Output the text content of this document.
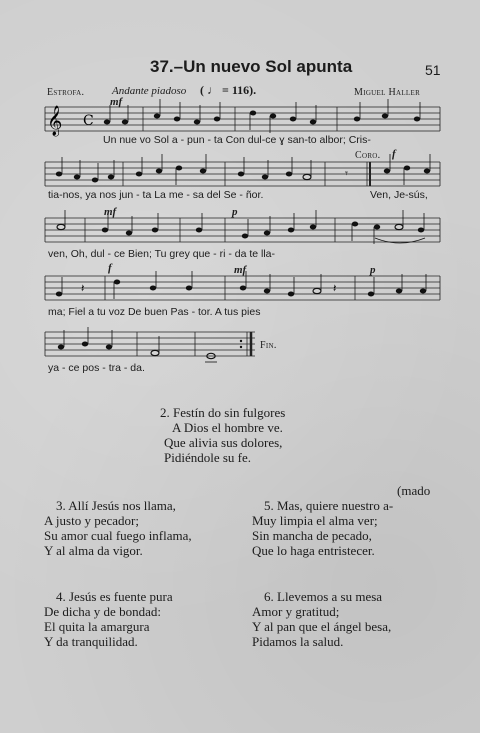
37.–Un nuevo Sol apunta	51
Estrofa.	Andante piadoso ( ♩ = 116).	Miguel Haller
mf
𝄞 C
Un nue vo Sol a - pun - ta Con dul-ce ɣ san-to albor; Cris-
Coro. f
𝄾
tia-nos, ya nos jun - ta La me - sa del Se - ñor.	Ven, Je-sús,
mf	p
ven, Oh, dul - ce Bien; Tu grey que - ri - da te lla-
f	mf	p
𝄽	𝄽
ma; Fiel a tu voz De buen Pas - tor. A tus pies
Fin.
ya - ce pos - tra - da.
2. Festín do sin fulgores
A Dios el hombre ve.
Que alivia sus dolores,
Pidiéndole su fe.
(mado
3. Allí Jesús nos llama,
A justo y pecador;
Su amor cual fuego inflama,
Y al alma da vigor.
5. Mas, quiere nuestro a-
Muy limpia el alma ver;
Sin mancha de pecado,
Que lo haga entristecer.
4. Jesús es fuente pura
De dicha y de bondad:
El quita la amargura
Y da tranquilidad.
6. Llevemos a su mesa
Amor y gratitud;
Y al pan que el ángel besa,
Pidamos la salud.
